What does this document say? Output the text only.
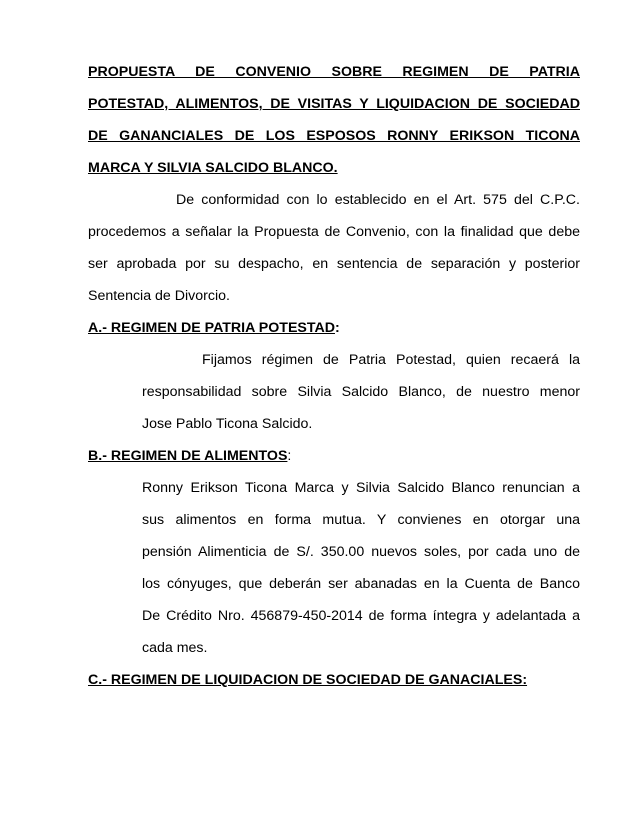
PROPUESTA DE CONVENIO SOBRE REGIMEN DE PATRIA
POTESTAD, ALIMENTOS, DE VISITAS Y LIQUIDACION DE SOCIEDAD
DE GANANCIALES DE LOS ESPOSOS RONNY ERIKSON TICONA
MARCA Y SILVIA SALCIDO BLANCO.
De conformidad con lo establecido en el Art. 575 del C.P.C.
procedemos a señalar la Propuesta de Convenio, con la finalidad que debe
ser aprobada por su despacho, en sentencia de separación y posterior
Sentencia de Divorcio.
A.- REGIMEN DE PATRIA POTESTAD:
Fijamos régimen de Patria Potestad, quien recaerá la
responsabilidad sobre Silvia Salcido Blanco, de nuestro menor
Jose Pablo Ticona Salcido.
B.- REGIMEN DE ALIMENTOS:
Ronny Erikson Ticona Marca y Silvia Salcido Blanco renuncian a
sus alimentos en forma mutua. Y convienes en otorgar una
pensión Alimenticia de S/. 350.00 nuevos soles, por cada uno de
los cónyuges, que deberán ser abanadas en la Cuenta de Banco
De Crédito Nro. 456879-450-2014 de forma íntegra y adelantada a
cada mes.
C.- REGIMEN DE LIQUIDACION DE SOCIEDAD DE GANACIALES:
